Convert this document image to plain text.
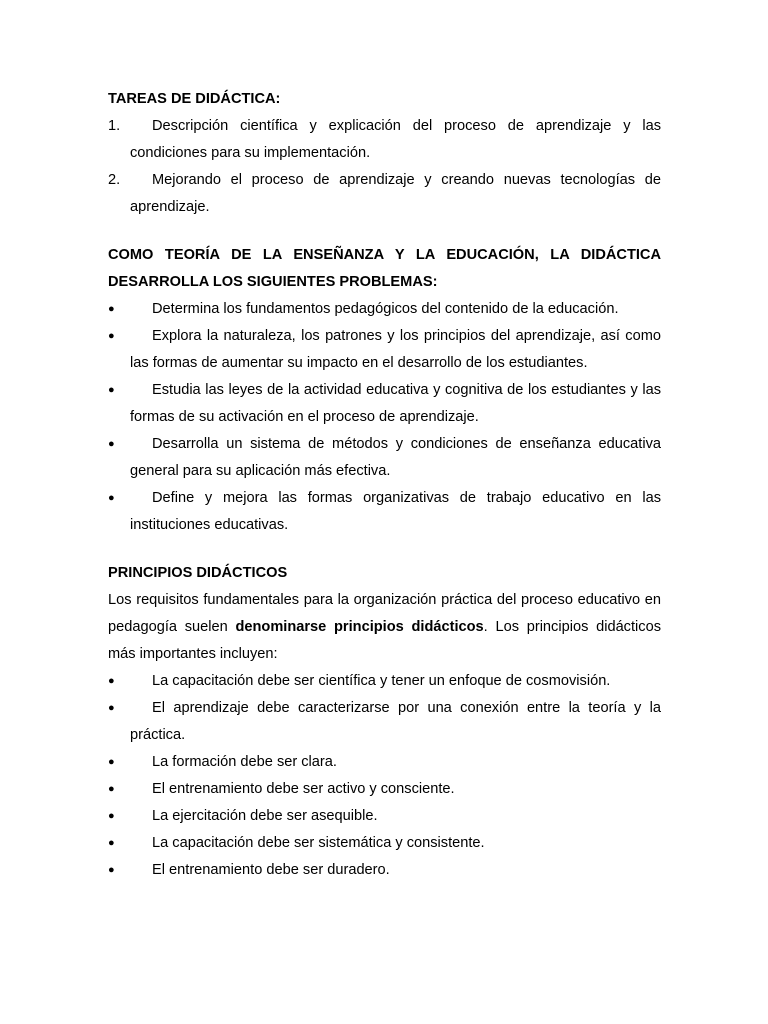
TAREAS DE DIDÁCTICA:

1.	Descripción científica y explicación del proceso de aprendizaje y las condiciones para su implementación.
2.	Mejorando el proceso de aprendizaje y creando nuevas tecnologías de aprendizaje.

COMO TEORÍA DE LA ENSEÑANZA Y LA EDUCACIÓN, LA DIDÁCTICA DESARROLLA LOS SIGUIENTES PROBLEMAS:

●	Determina los fundamentos pedagógicos del contenido de la educación.
●	Explora la naturaleza, los patrones y los principios del aprendizaje, así como las formas de aumentar su impacto en el desarrollo de los estudiantes.
●	Estudia las leyes de la actividad educativa y cognitiva de los estudiantes y las formas de su activación en el proceso de aprendizaje.
●	Desarrolla un sistema de métodos y condiciones de enseñanza educativa general para su aplicación más efectiva.
●	Define y mejora las formas organizativas de trabajo educativo en las instituciones educativas.

PRINCIPIOS DIDÁCTICOS

Los requisitos fundamentales para la organización práctica del proceso educativo en pedagogía suelen denominarse principios didácticos. Los principios didácticos más importantes incluyen:

●	La capacitación debe ser científica y tener un enfoque de cosmovisión.
●	El aprendizaje debe caracterizarse por una conexión entre la teoría y la práctica.
●	La formación debe ser clara.
●	El entrenamiento debe ser activo y consciente.
●	La ejercitación debe ser asequible.
●	La capacitación debe ser sistemática y consistente.
●	El entrenamiento debe ser duradero.
